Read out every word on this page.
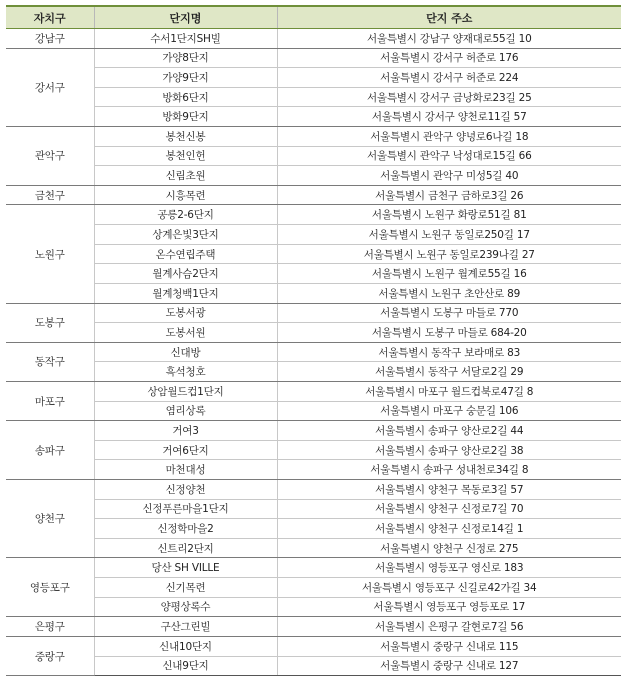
자치구	단지명	단지 주소
강남구	수서1단지SH빌	서울특별시 강남구 양재대로55길 10
강서구	가양8단지	서울특별시 강서구 허준로 176
	가양9단지	서울특별시 강서구 허준로 224
	방화6단지	서울특별시 강서구 금낭화로23길 25
	방화9단지	서울특별시 강서구 양천로11길 57
관악구	봉천신봉	서울특별시 관악구 양녕로6나길 18
	봉천인헌	서울특별시 관악구 낙성대로15길 66
	신림초원	서울특별시 관악구 미성5길 40
금천구	시흥목련	서울특별시 금천구 금하로3길 26
노원구	공릉2-6단지	서울특별시 노원구 화랑로51길 81
	상계은빛3단지	서울특별시 노원구 동일로250길 17
	온수연립주택	서울특별시 노원구 동일로239나길 27
	월계사슴2단지	서울특별시 노원구 월계로55길 16
	월계청백1단지	서울특별시 노원구 초안산로 89
도봉구	도봉서광	서울특별시 도봉구 마들로 770
	도봉서원	서울특별시 도봉구 마들로 684-20
동작구	신대방	서울특별시 동작구 보라매로 83
	흑석청호	서울특별시 동작구 서달로2길 29
마포구	상암월드컵1단지	서울특별시 마포구 월드컵북로47길 8
	염리상록	서울특별시 마포구 숭문길 106
송파구	거여3	서울특별시 송파구 양산로2길 44
	거여6단지	서울특별시 송파구 양산로2길 38
	마천대성	서울특별시 송파구 성내천로34길 8
양천구	신정양천	서울특별시 양천구 목동로3길 57
	신정푸른마을1단지	서울특별시 양천구 신정로7길 70
	신정학마을2	서울특별시 양천구 신정로14길 1
	신트리2단지	서울특별시 양천구 신정로 275
영등포구	당산 SH VILLE	서울특별시 영등포구 영신로 183
	신기목련	서울특별시 영등포구 신길로42가길 34
	양평상록수	서울특별시 영등포구 영등포로 17
은평구	구산그린빌	서울특별시 은평구 갈현로7길 56
중랑구	신내10단지	서울특별시 중랑구 신내로 115
	신내9단지	서울특별시 중랑구 신내로 127
